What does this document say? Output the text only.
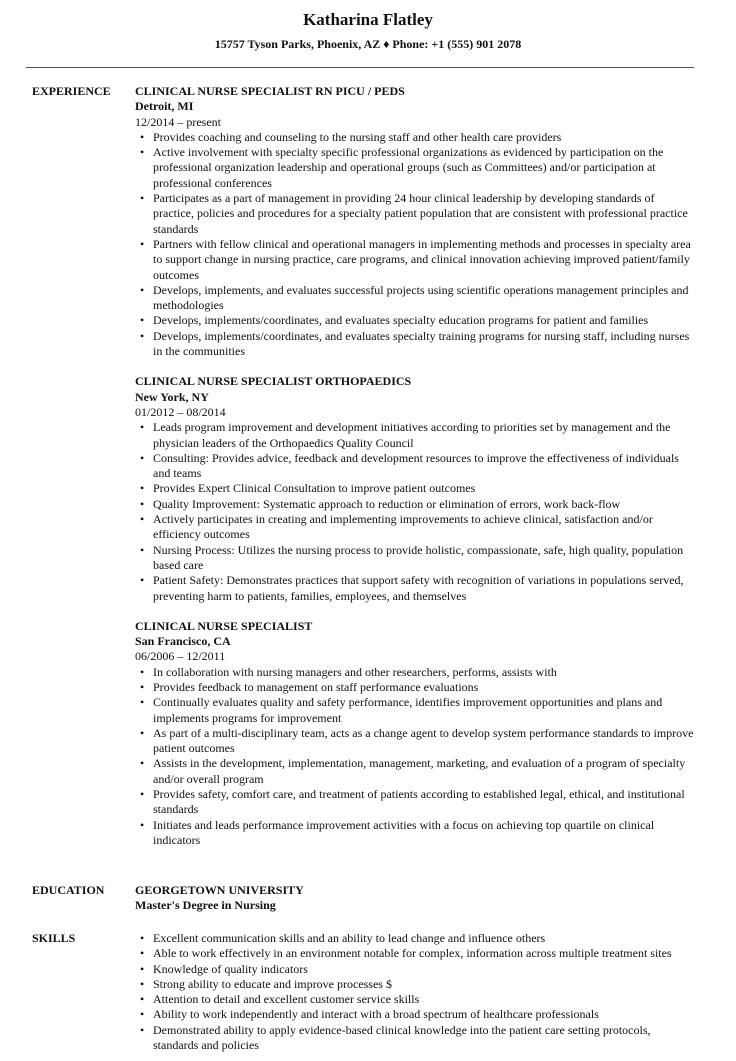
Katharina Flatley
15757 Tyson Parks, Phoenix, AZ ♦ Phone: +1 (555) 901 2078
EXPERIENCE	CLINICAL NURSE SPECIALIST RN PICU / PEDS
Detroit, MI
12/2014 – present
• Provides coaching and counseling to the nursing staff and other health care providers
• Active involvement with specialty specific professional organizations as evidenced by participation on the professional organization leadership and operational groups (such as Committees) and/or participation at professional conferences
• Participates as a part of management in providing 24 hour clinical leadership by developing standards of practice, policies and procedures for a specialty patient population that are consistent with professional practice standards
• Partners with fellow clinical and operational managers in implementing methods and processes in specialty area to support change in nursing practice, care programs, and clinical innovation achieving improved patient/family outcomes
• Develops, implements, and evaluates successful projects using scientific operations management principles and methodologies
• Develops, implements/coordinates, and evaluates specialty education programs for patient and families
• Develops, implements/coordinates, and evaluates specialty training programs for nursing staff, including nurses in the communities
CLINICAL NURSE SPECIALIST ORTHOPAEDICS
New York, NY
01/2012 – 08/2014
• Leads program improvement and development initiatives according to priorities set by management and the physician leaders of the Orthopaedics Quality Council
• Consulting: Provides advice, feedback and development resources to improve the effectiveness of individuals and teams
• Provides Expert Clinical Consultation to improve patient outcomes
• Quality Improvement: Systematic approach to reduction or elimination of errors, work back-flow
• Actively participates in creating and implementing improvements to achieve clinical, satisfaction and/or efficiency outcomes
• Nursing Process: Utilizes the nursing process to provide holistic, compassionate, safe, high quality, population based care
• Patient Safety: Demonstrates practices that support safety with recognition of variations in populations served, preventing harm to patients, families, employees, and themselves
CLINICAL NURSE SPECIALIST
San Francisco, CA
06/2006 – 12/2011
• In collaboration with nursing managers and other researchers, performs, assists with
• Provides feedback to management on staff performance evaluations
• Continually evaluates quality and safety performance, identifies improvement opportunities and plans and implements programs for improvement
• As part of a multi-disciplinary team, acts as a change agent to develop system performance standards to improve patient outcomes
• Assists in the development, implementation, management, marketing, and evaluation of a program of specialty and/or overall program
• Provides safety, comfort care, and treatment of patients according to established legal, ethical, and institutional standards
• Initiates and leads performance improvement activities with a focus on achieving top quartile on clinical indicators
EDUCATION	GEORGETOWN UNIVERSITY
Master's Degree in Nursing
SKILLS
•	Excellent communication skills and an ability to lead change and influence others
• Able to work effectively in an environment notable for complex, information across multiple treatment sites
• Knowledge of quality indicators
• Strong ability to educate and improve processes $
• Attention to detail and excellent customer service skills
• Ability to work independently and interact with a broad spectrum of healthcare professionals
• Demonstrated ability to apply evidence-based clinical knowledge into the patient care setting protocols, standards and policies
